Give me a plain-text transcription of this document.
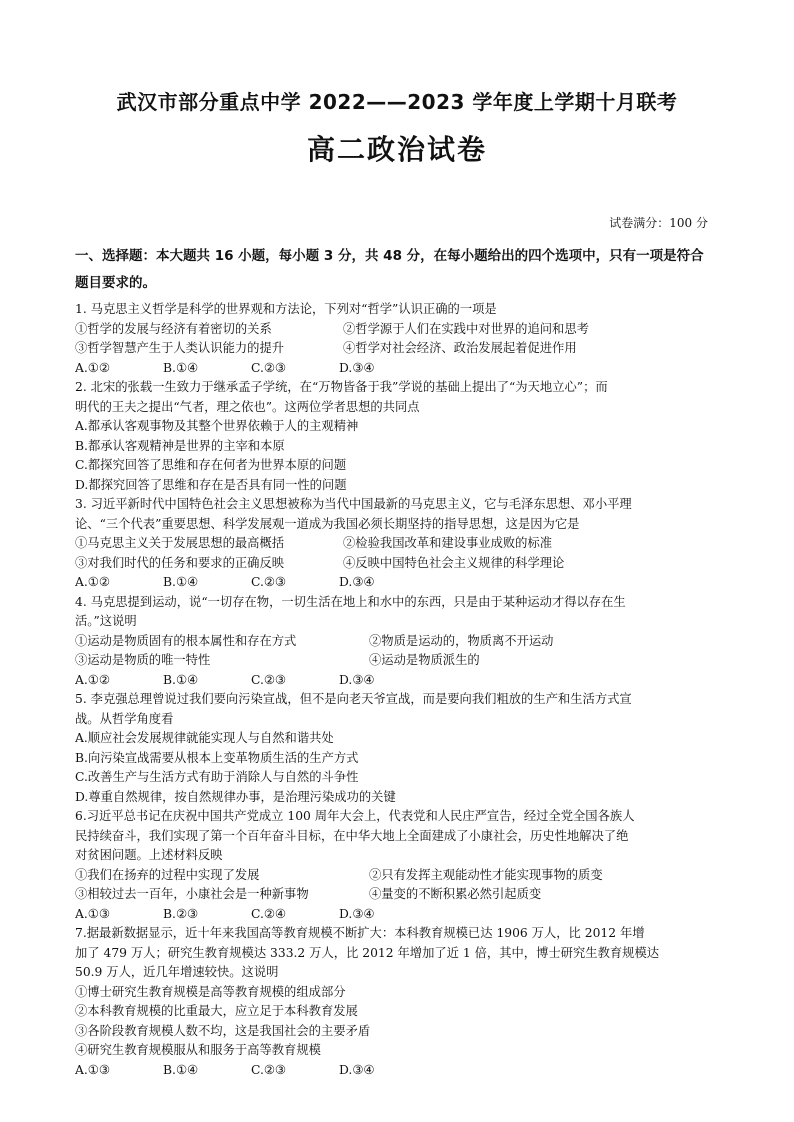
武汉市部分重点中学 2022——2023 学年度上学期十月联考
高二政治试卷
试卷满分：100 分
一、选择题：本大题共 16 小题，每小题 3 分，共 48 分，在每小题给出的四个选项中，只有一项是符合
题目要求的。
1. 马克思主义哲学是科学的世界观和方法论，下列对“哲学”认识正确的一项是
①哲学的发展与经济有着密切的关系	②哲学源于人们在实践中对世界的追问和思考
③哲学智慧产生于人类认识能力的提升	④哲学对社会经济、政治发展起着促进作用
A.①②	B.①④	C.②③	D.③④
2. 北宋的张载一生致力于继承孟子学统，在“万物皆备于我”学说的基础上提出了“为天地立心”；而
明代的王夫之提出“气者，理之依也”。这两位学者思想的共同点
A.都承认客观事物及其整个世界依赖于人的主观精神
B.都承认客观精神是世界的主宰和本原
C.都探究回答了思维和存在何者为世界本原的问题
D.都探究回答了思维和存在是否具有同一性的问题
3. 习近平新时代中国特色社会主义思想被称为当代中国最新的马克思主义，它与毛泽东思想、邓小平理
论、“三个代表”重要思想、科学发展观一道成为我国必须长期坚持的指导思想，这是因为它是
①马克思主义关于发展思想的最高概括	②检验我国改革和建设事业成败的标准
③对我们时代的任务和要求的正确反映	④反映中国特色社会主义规律的科学理论
A.①②	B.①④	C.②③	D.③④
4. 马克思提到运动，说“一切存在物，一切生活在地上和水中的东西，只是由于某种运动才得以存在生
活。”这说明
①运动是物质固有的根本属性和存在方式	②物质是运动的，物质离不开运动
③运动是物质的唯一特性	④运动是物质派生的
A.①②	B.①④	C.②③	D.③④
5. 李克强总理曾说过我们要向污染宣战，但不是向老天爷宣战，而是要向我们粗放的生产和生活方式宣
战。从哲学角度看
A.顺应社会发展规律就能实现人与自然和谐共处
B.向污染宣战需要从根本上变革物质生活的生产方式
C.改善生产与生活方式有助于消除人与自然的斗争性
D.尊重自然规律，按自然规律办事，是治理污染成功的关键
6.习近平总书记在庆祝中国共产党成立 100 周年大会上，代表党和人民庄严宣告，经过全党全国各族人
民持续奋斗，我们实现了第一个百年奋斗目标，在中华大地上全面建成了小康社会，历史性地解决了绝
对贫困问题。上述材料反映
①我们在扬弃的过程中实现了发展	②只有发挥主观能动性才能实现事物的质变
③相较过去一百年，小康社会是一种新事物	④量变的不断积累必然引起质变
A.①③	B.②③	C.②④	D.③④
7.据最新数据显示，近十年来我国高等教育规模不断扩大：本科教育规模已达 1906 万人，比 2012 年增
加了 479 万人；研究生教育规模达 333.2 万人，比 2012 年增加了近 1 倍，其中，博士研究生教育规模达
50.9 万人，近几年增速较快。这说明
①博士研究生教育规模是高等教育规模的组成部分
②本科教育规模的比重最大，应立足于本科教育发展
③各阶段教育规模人数不均，这是我国社会的主要矛盾
④研究生教育规模服从和服务于高等教育规模
A.①③	B.①④	C.②③	D.③④
